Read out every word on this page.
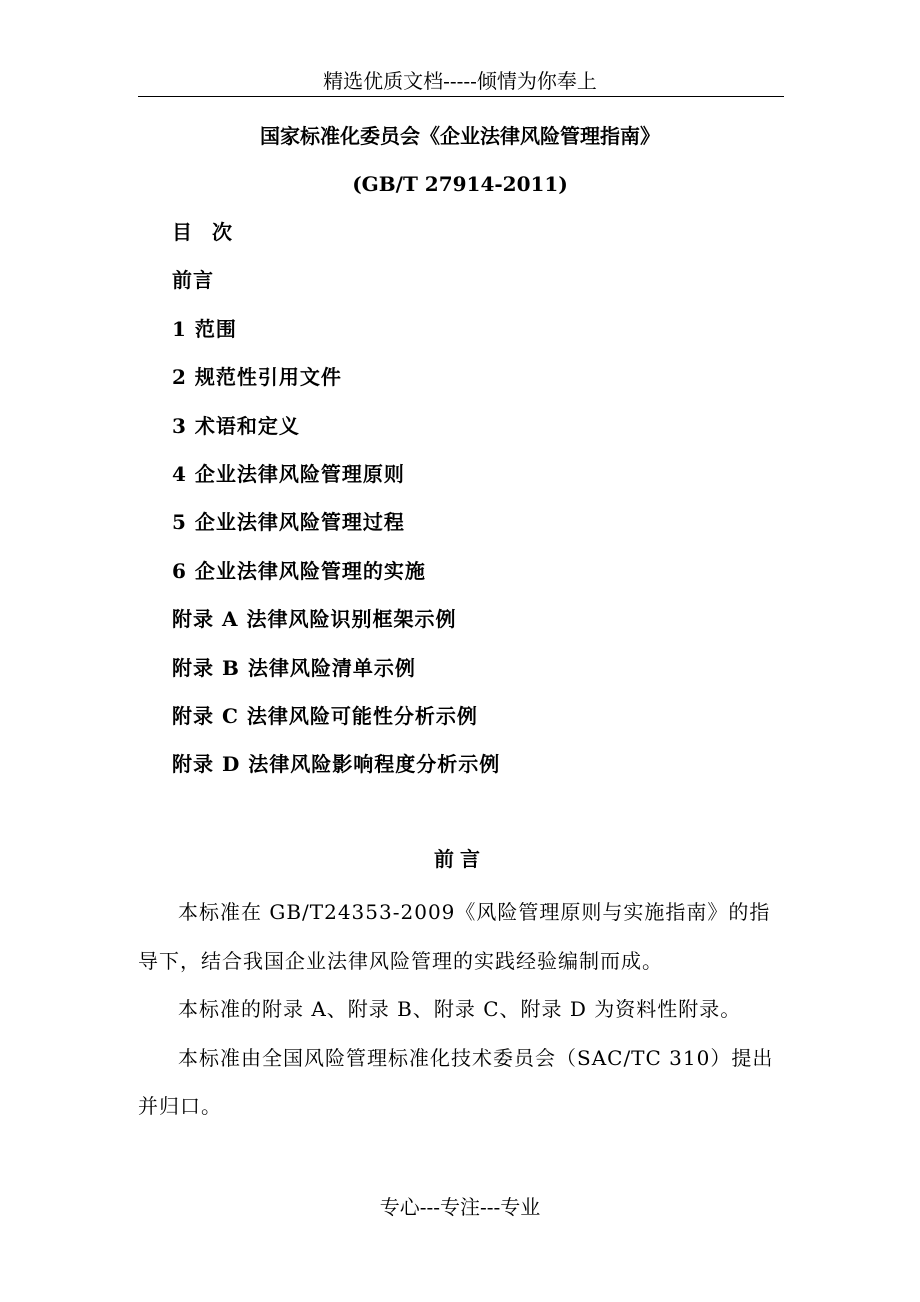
精选优质文档-----倾情为你奉上
国家标准化委员会《企业法律风险管理指南》
(GB/T 27914-2011)
目次
前言
1 范围
2 规范性引用文件
3 术语和定义
4 企业法律风险管理原则
5 企业法律风险管理过程
6 企业法律风险管理的实施
附录 A 法律风险识别框架示例
附录 B 法律风险清单示例
附录 C 法律风险可能性分析示例
附录 D 法律风险影响程度分析示例
前言

本标准在 GB/T24353-2009《风险管理原则与实施指南》的指导下，结合我国企业法律风险管理的实践经验编制而成。

本标准的附录 A、附录 B、附录 C、附录 D 为资料性附录。

本标准由全国风险管理标准化技术委员会（SAC/TC 310）提出并归口。

专心---专注---专业
